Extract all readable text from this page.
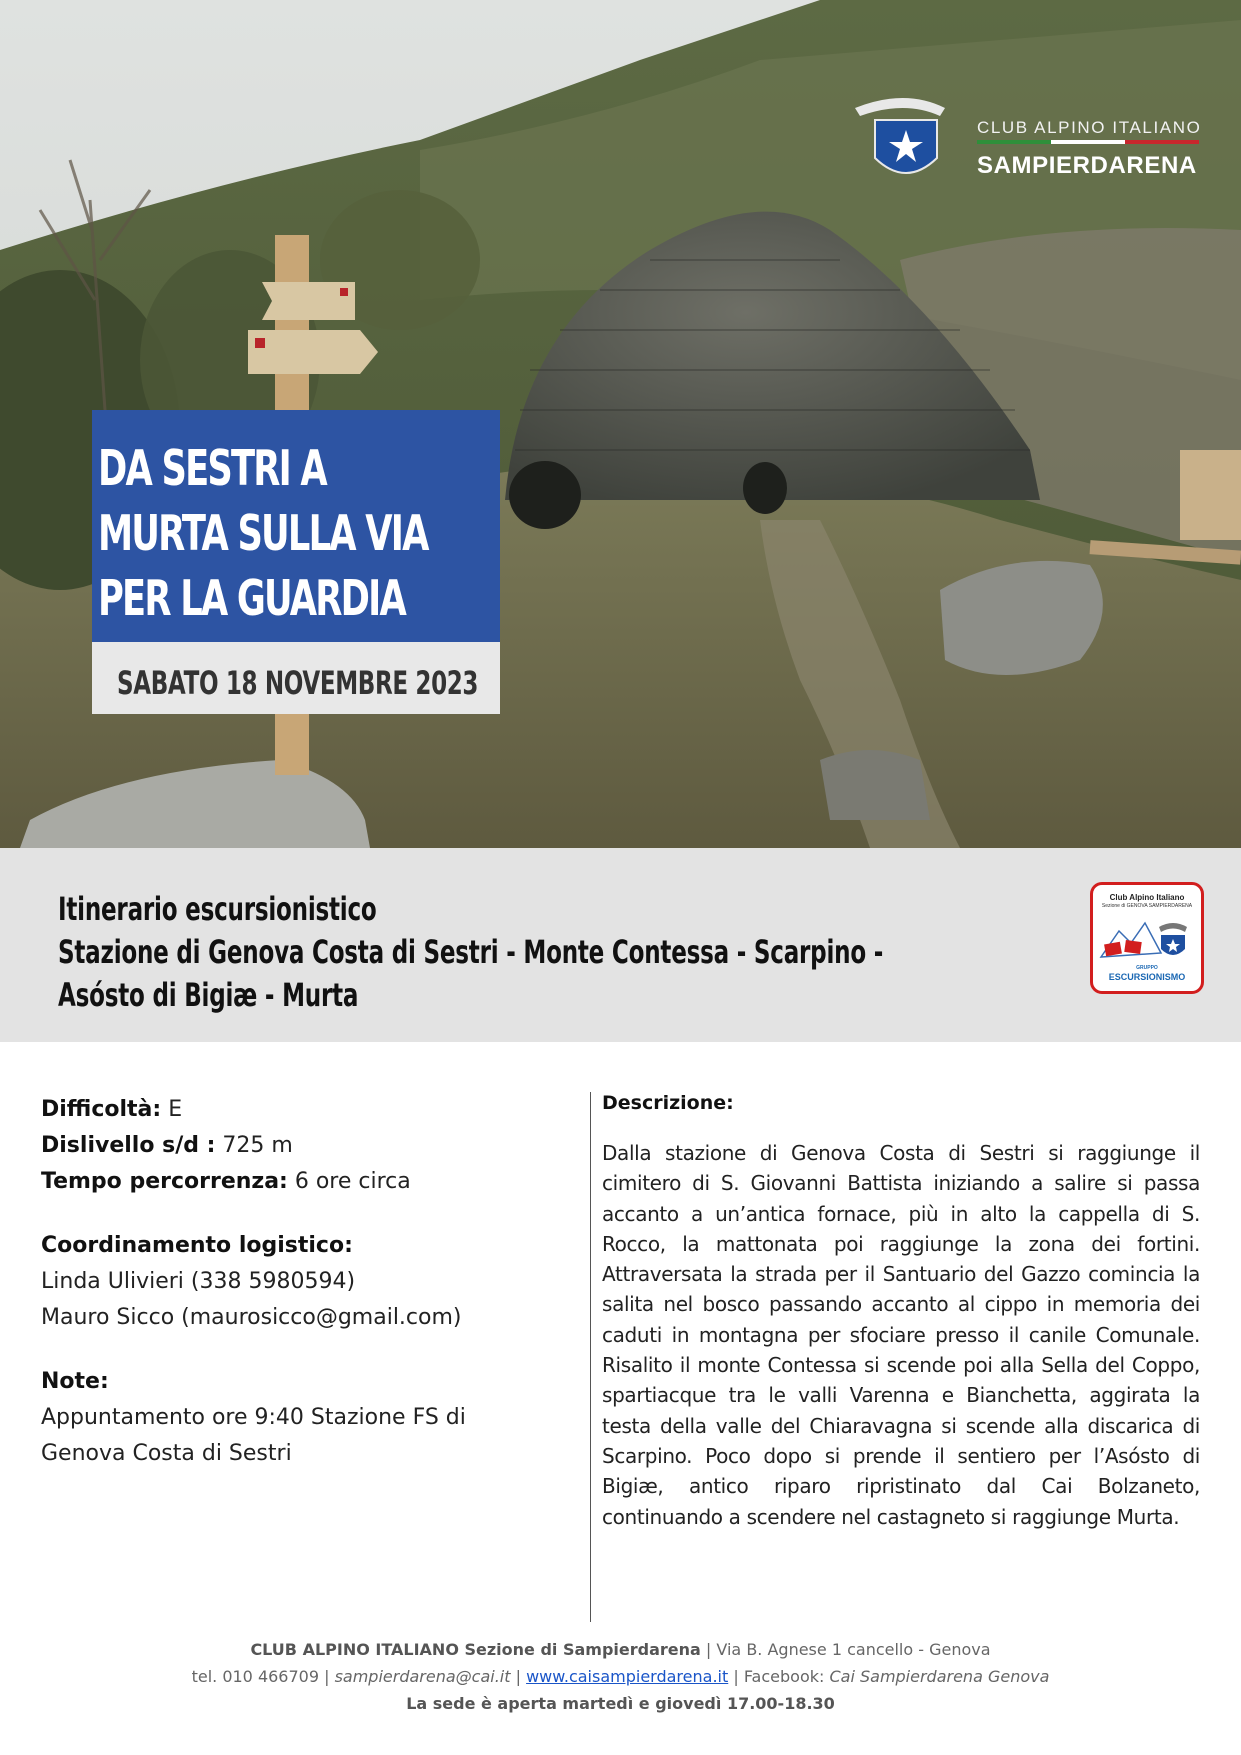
CLUB ALPINO ITALIANO
SAMPIERDARENA
DA SESTRI A
MURTA SULLA VIA
PER LA GUARDIA
SABATO 18 NOVEMBRE 2023
Itinerario escursionistico
Stazione di Genova Costa di Sestri - Monte Contessa - Scarpino -
Asósto di Bigiæ - Murta
Club Alpino Italiano
Sezione di GENOVA SAMPIERDARENA
GRUPPO
ESCURSIONISMO
Difficoltà: E
Dislivello s/d : 725 m
Tempo percorrenza: 6 ore circa
Coordinamento logistico:
Linda Ulivieri (338 5980594)
Mauro Sicco (maurosicco@gmail.com)
Note:
Appuntamento ore 9:40 Stazione FS di
Genova Costa di Sestri
Descrizione:

Dalla stazione di Genova Costa di Sestri si raggiunge il cimitero di S. Giovanni Battista iniziando a salire si passa accanto a un’antica fornace, più in alto la cappella di S. Rocco, la mattonata poi raggiunge la zona dei fortini. Attraversata la strada per il Santuario del Gazzo comincia la salita nel bosco passando accanto al cippo in memoria dei caduti in montagna per sfociare presso il canile Comunale. Risalito il monte Contessa si scende poi alla Sella del Coppo, spartiacque tra le valli Varenna e Bianchetta, aggirata la testa della valle del Chiaravagna si scende alla discarica di Scarpino. Poco dopo si prende il sentiero per l’Asósto di Bigiæ, antico riparo ripristinato dal Cai Bolzaneto, continuando a scendere nel castagneto si raggiunge Murta.

CLUB ALPINO ITALIANO Sezione di Sampierdarena | Via B. Agnese 1 cancello - Genova
tel. 010 466709 | sampierdarena@cai.it | www.caisampierdarena.it | Facebook: Cai Sampierdarena Genova
La sede è aperta martedì e giovedì 17.00-18.30
